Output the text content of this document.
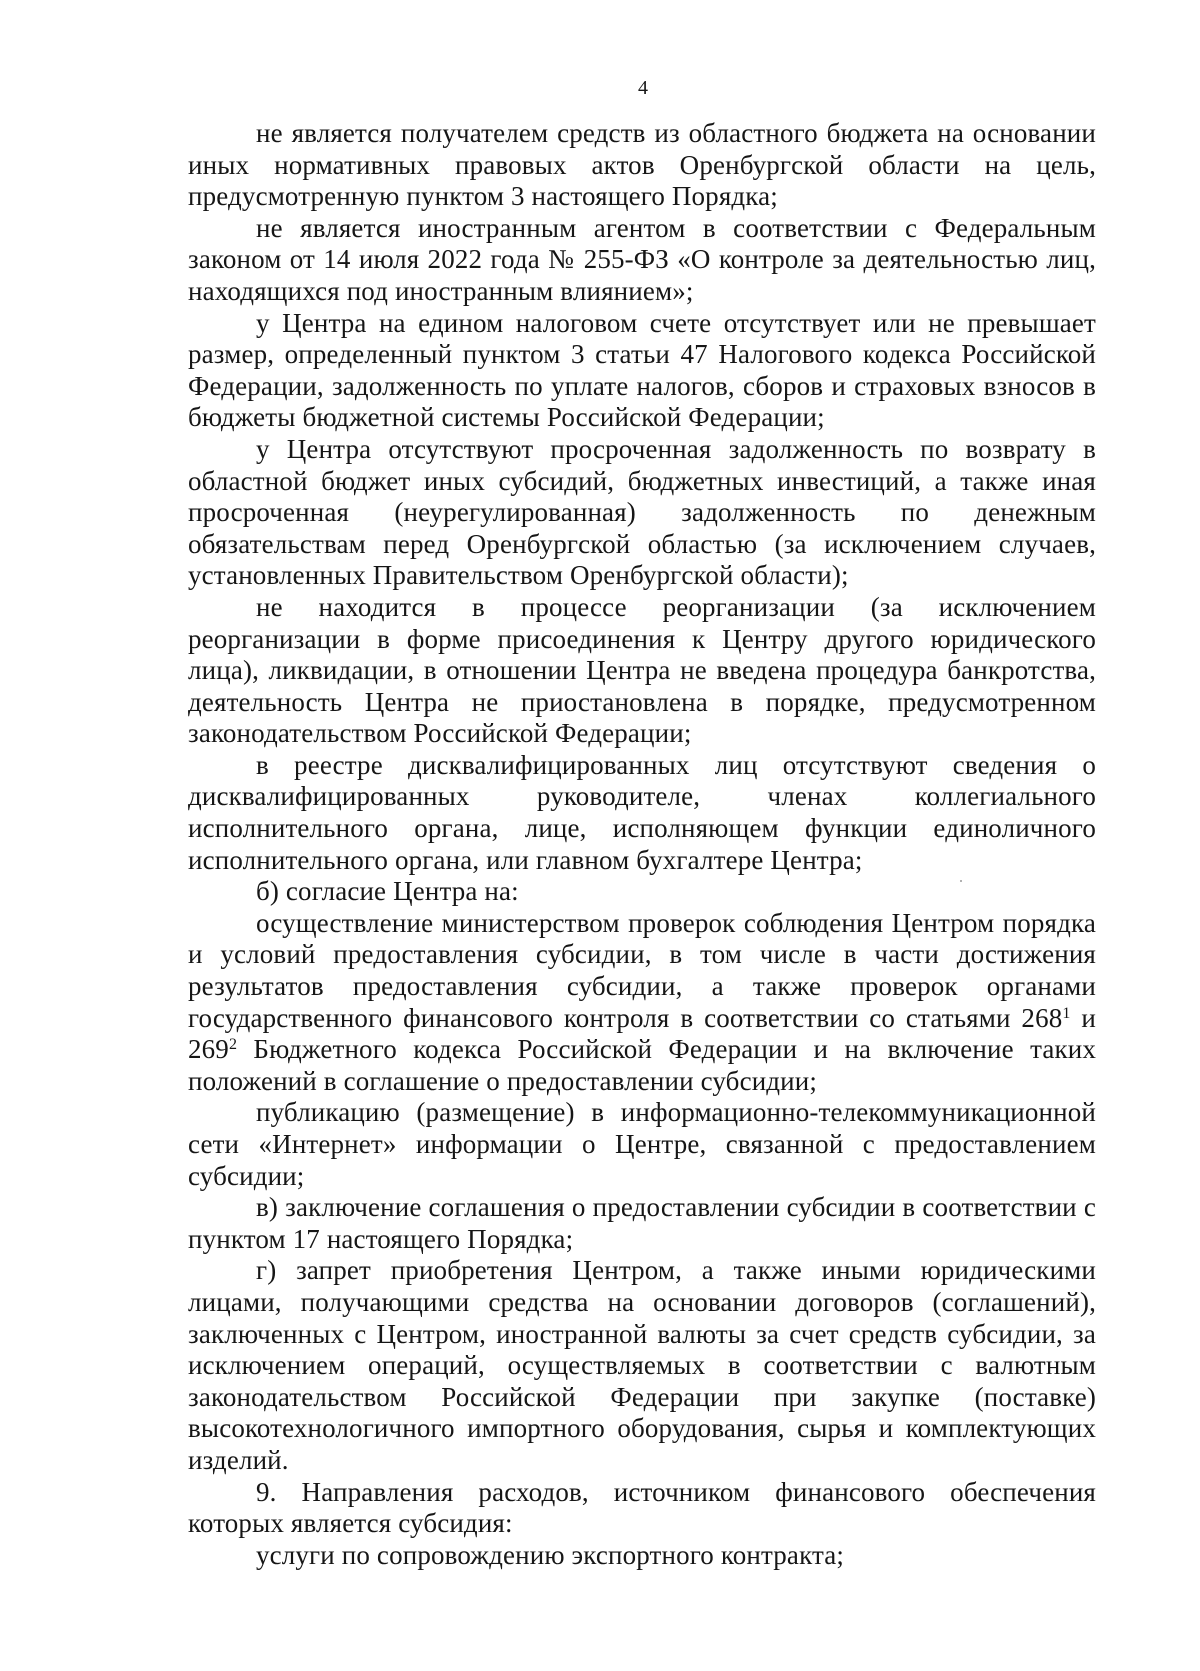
4

не является получателем средств из областного бюджета на основании иных нормативных правовых актов Оренбургской области на цель, предусмотренную пунктом 3 настоящего Порядка;

не является иностранным агентом в соответствии с Федеральным законом от 14 июля 2022 года № 255-ФЗ «О контроле за деятельностью лиц, находящихся под иностранным влиянием»;

у Центра на едином налоговом счете отсутствует или не превышает размер, определенный пунктом 3 статьи 47 Налогового кодекса Российской Федерации, задолженность по уплате налогов, сборов и страховых взносов в бюджеты бюджетной системы Российской Федерации;

у Центра отсутствуют просроченная задолженность по возврату в областной бюджет иных субсидий, бюджетных инвестиций, а также иная просроченная (неурегулированная) задолженность по денежным обязательствам перед Оренбургской областью (за исключением случаев, установленных Правительством Оренбургской области);

не находится в процессе реорганизации (за исключением реорганизации в форме присоединения к Центру другого юридического лица), ликвидации, в отношении Центра не введена процедура банкротства, деятельность Центра не приостановлена в порядке, предусмотренном законодательством Российской Федерации;

в реестре дисквалифицированных лиц отсутствуют сведения о дисквалифицированных руководителе, членах коллегиального исполнительного органа, лице, исполняющем функции единоличного исполнительного органа, или главном бухгалтере Центра;

б) согласие Центра на:

осуществление министерством проверок соблюдения Центром порядка и условий предоставления субсидии, в том числе в части достижения результатов предоставления субсидии, а также проверок органами государственного финансового контроля в соответствии со статьями $268^1$ и $269^2$ Бюджетного кодекса Российской Федерации и на включение таких положений в соглашение о предоставлении субсидии;

публикацию (размещение) в информационно-телекоммуникационной сети «Интернет» информации о Центре, связанной с предоставлением субсидии;

в) заключение соглашения о предоставлении субсидии в соответствии с пунктом 17 настоящего Порядка;

г) запрет приобретения Центром, а также иными юридическими лицами, получающими средства на основании договоров (соглашений), заключенных с Центром, иностранной валюты за счет средств субсидии, за исключением операций, осуществляемых в соответствии с валютным законодательством Российской Федерации при закупке (поставке) высокотехнологичного импортного оборудования, сырья и комплектующих изделий.

9. Направления расходов, источником финансового обеспечения которых является субсидия:

услуги по сопровождению экспортного контракта;
